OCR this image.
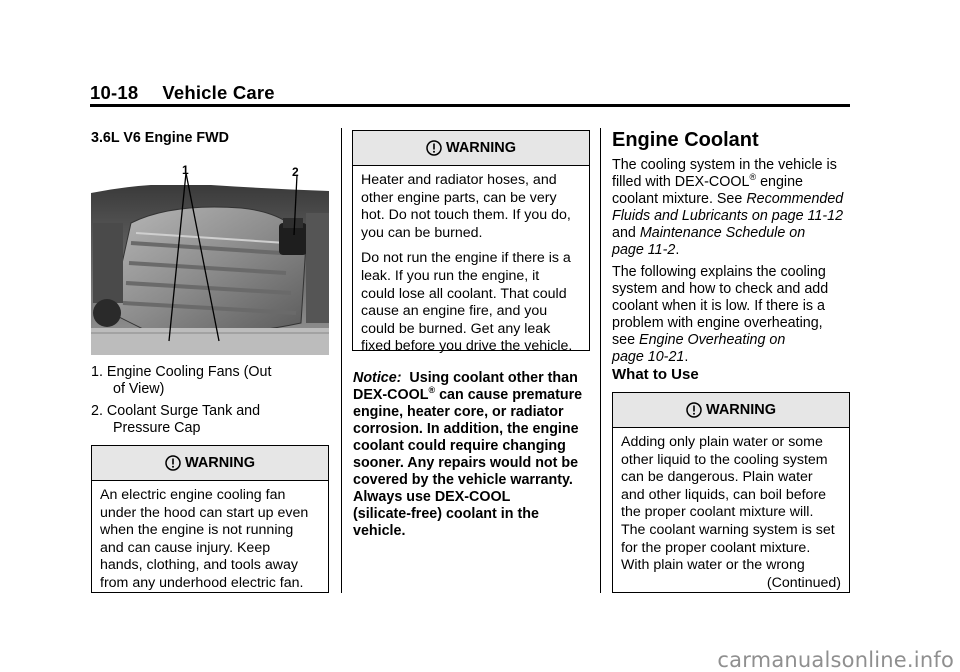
10-18 Vehicle Care
3.6L V6 Engine FWD
1	2
1. Engine Cooling Fans (Out
of View)
2. Coolant Surge Tank and
Pressure Cap
WARNING
An electric engine cooling fan
under the hood can start up even
when the engine is not running
and can cause injury. Keep
hands, clothing, and tools away
from any underhood electric fan.
WARNING

Heater and radiator hoses, and
other engine parts, can be very
hot. Do not touch them. If you do,
you can be burned.

Do not run the engine if there is a
leak. If you run the engine, it
could lose all coolant. That could
cause an engine fire, and you
could be burned. Get any leak
fixed before you drive the vehicle.

Notice: Using coolant other than
DEX-COOL® can cause premature
engine, heater core, or radiator
corrosion. In addition, the engine
coolant could require changing
sooner. Any repairs would not be
covered by the vehicle warranty.
Always use DEX-COOL
(silicate-free) coolant in the
vehicle.
Engine Coolant
The cooling system in the vehicle is
filled with DEX-COOL® engine
coolant mixture. See Recommended
Fluids and Lubricants on page 11-12
and Maintenance Schedule on
page 11-2.
The following explains the cooling
system and how to check and add
coolant when it is low. If there is a
problem with engine overheating,
see Engine Overheating on
page 10-21.
What to Use
WARNING
Adding only plain water or some
other liquid to the cooling system
can be dangerous. Plain water
and other liquids, can boil before
the proper coolant mixture will.
The coolant warning system is set
for the proper coolant mixture.
With plain water or the wrong
(Continued)
carmanualsonline.info
